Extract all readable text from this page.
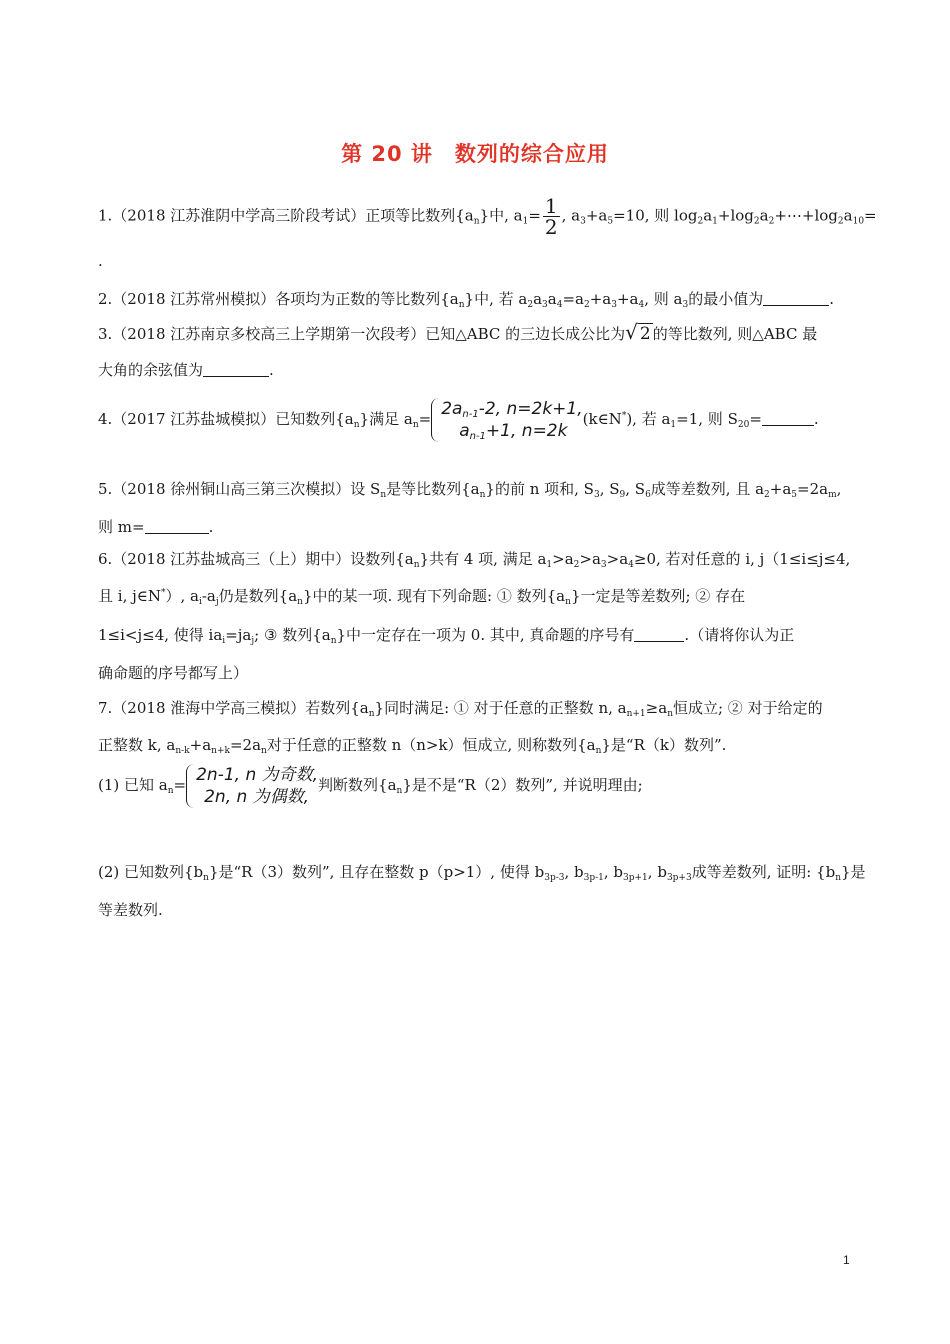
第 20 讲　数列的综合应用
1.（2018 江苏淮阴中学高三阶段考试）正项等比数列$\{a_n\}$中, $a_1= \frac{1}{2}$ , $a_3+a_5=10$, 则 $\log_2a_1+\log_2a_2+\cdots+\log_2a_{10}=$
.
2.（2018 江苏常州模拟）各项均为正数的等比数列$\{a_n\}$中, 若 $a_2a_3a_4=a_2+a_3+a_4$, 则 $a_3$的最小值为	.
3.（2018 江苏南京多校高三上学期第一次段考）已知△ABC 的三边长成公比为√ 2 的等比数列, 则△ABC 最
大角的余弦值为	.
4.（2017 江苏盐城模拟）已知数列$\{a_n\}$满足 $a_n= 2a_{n-1}-2$, n=2k+1,
$a_{n-1}+1$, n=2k
(k∈N*), 若 $a_1=1$, 则 $S_{20}=$	.
5.（2018 徐州铜山高三第三次模拟）设 $S_n$是等比数列$\{a_n\}$的前 n 项和, $S_3$, $S_9$, $S_6$成等差数列, 且 $a_2+a_5=2a_m$,
则 m=	.
6.（2018 江苏盐城高三（上）期中）设数列$\{a_n\}$共有 4 项, 满足 $a_1>a_2>a_3>a_4\ge 0$, 若对任意的 i, j（1≤i≤j≤4,
且 i, j∈N*）, $a_i-a_j$仍是数列$\{a_n\}$中的某一项. 现有下列命题: ① 数列$\{a_n\}$一定是等差数列; ② 存在
1≤i<j≤4, 使得 $ia_i=ja_j$; ③ 数列$\{a_n\}$中一定存在一项为 0. 其中, 真命题的序号有	.（请将你认为正
确命题的序号都写上）
7.（2018 淮海中学高三模拟）若数列$\{a_n\}$同时满足: ① 对于任意的正整数 n, $a_{n+1}\ge a_n$恒成立; ② 对于给定的
正整数 k, $a_{n-k}+a_{n+k}=2a_n$对于任意的正整数 n（n>k）恒成立, 则称数列$\{a_n\}$是“R（k）数列”.
(1) 已知 $a_n= 2n-1$, n 为奇数,
2n, n 为偶数,
判断数列$\{a_n\}$是不是“R（2）数列”, 并说明理由;
(2) 已知数列$\{b_n\}$是“R（3）数列”, 且存在整数 p（p>1）, 使得 $b_{3p-3}$, $b_{3p-1}$, $b_{3p+1}$, $b_{3p+3}$成等差数列, 证明: $\{b_n\}$是
等差数列.
1
